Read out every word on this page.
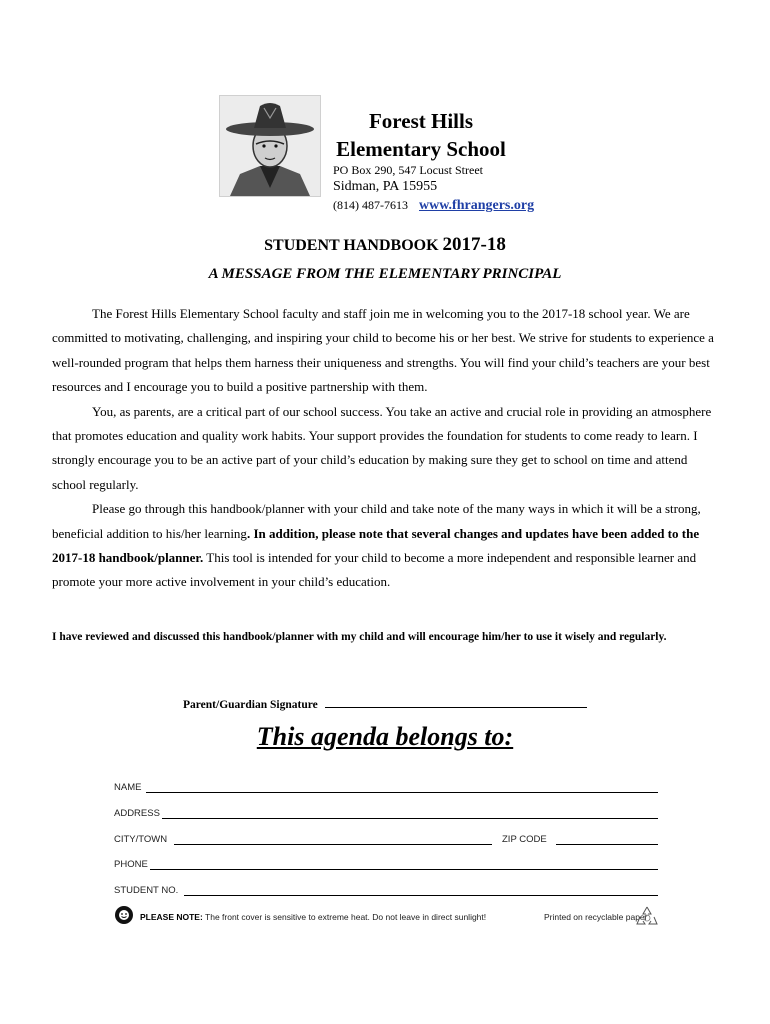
Forest Hills
Elementary School
PO Box 290, 547 Locust Street
Sidman, PA 15955
(814) 487-7613 www.fhrangers.org
STUDENT HANDBOOK 2017-18
A MESSAGE FROM THE ELEMENTARY PRINCIPAL

The Forest Hills Elementary School faculty and staff join me in welcoming you to the 2017-18 school year. We are committed to motivating, challenging, and inspiring your child to become his or her best. We strive for students to experience a well-rounded program that helps them harness their uniqueness and strengths. You will find your child’s teachers are your best resources and I encourage you to build a positive partnership with them.

You, as parents, are a critical part of our school success. You take an active and crucial role in providing an atmosphere that promotes education and quality work habits. Your support provides the foundation for students to come ready to learn. I strongly encourage you to be an active part of your child’s education by making sure they get to school on time and attend school regularly.

Please go through this handbook/planner with your child and take note of the many ways in which it will be a strong, beneficial addition to his/her learning. In addition, please note that several changes and updates have been added to the 2017-18 handbook/planner. This tool is intended for your child to become a more independent and responsible learner and promote your more active involvement in your child’s education.

I have reviewed and discussed this handbook/planner with my child and will encourage him/her to use it wisely and regularly.
Parent/Guardian Signature
This agenda belongs to:
NAME
ADDRESS
CITY/TOWN	ZIP CODE
PHONE
STUDENT NO.
PLEASE NOTE: The front cover is sensitive to extreme heat. Do not leave in direct sunlight!	Printed on recyclable paper
